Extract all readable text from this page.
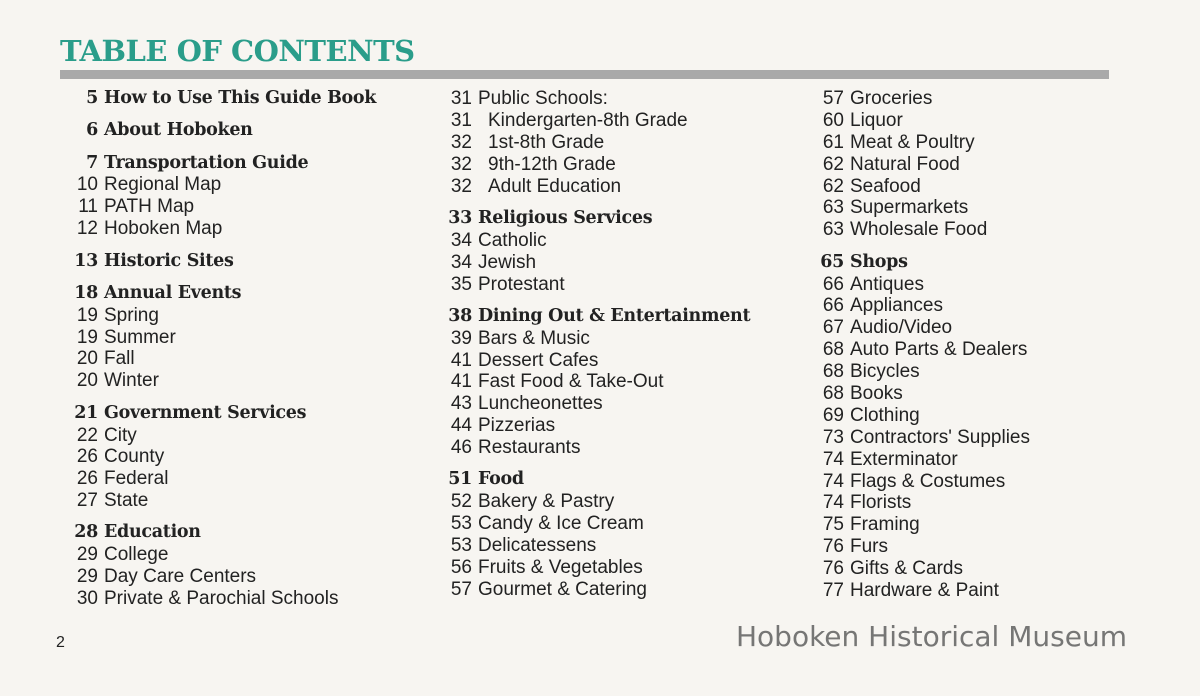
TABLE OF CONTENTS
5 How to Use This Guide Book
6 About Hoboken
7 Transportation Guide
10 Regional Map
11 PATH Map
12 Hoboken Map
13 Historic Sites
18 Annual Events
19 Spring
19 Summer
20 Fall
20 Winter
21 Government Services
22 City
26 County
26 Federal
27 State
28 Education
29 College
29 Day Care Centers
30 Private & Parochial Schools
31 Public Schools:
31 Kindergarten-8th Grade
32 1st-8th Grade
32 9th-12th Grade
32 Adult Education
33 Religious Services
34 Catholic
34 Jewish
35 Protestant
38 Dining Out & Entertainment
39 Bars & Music
41 Dessert Cafes
41 Fast Food & Take-Out
43 Luncheonettes
44 Pizzerias
46 Restaurants
51 Food
52 Bakery & Pastry
53 Candy & Ice Cream
53 Delicatessens
56 Fruits & Vegetables
57 Gourmet & Catering
57 Groceries
60 Liquor
61 Meat & Poultry
62 Natural Food
62 Seafood
63 Supermarkets
63 Wholesale Food
65 Shops
66 Antiques
66 Appliances
67 Audio/Video
68 Auto Parts & Dealers
68 Bicycles
68 Books
69 Clothing
73 Contractors' Supplies
74 Exterminator
74 Flags & Costumes
74 Florists
75 Framing
76 Furs
76 Gifts & Cards
77 Hardware & Paint
2	Hoboken Historical Museum
